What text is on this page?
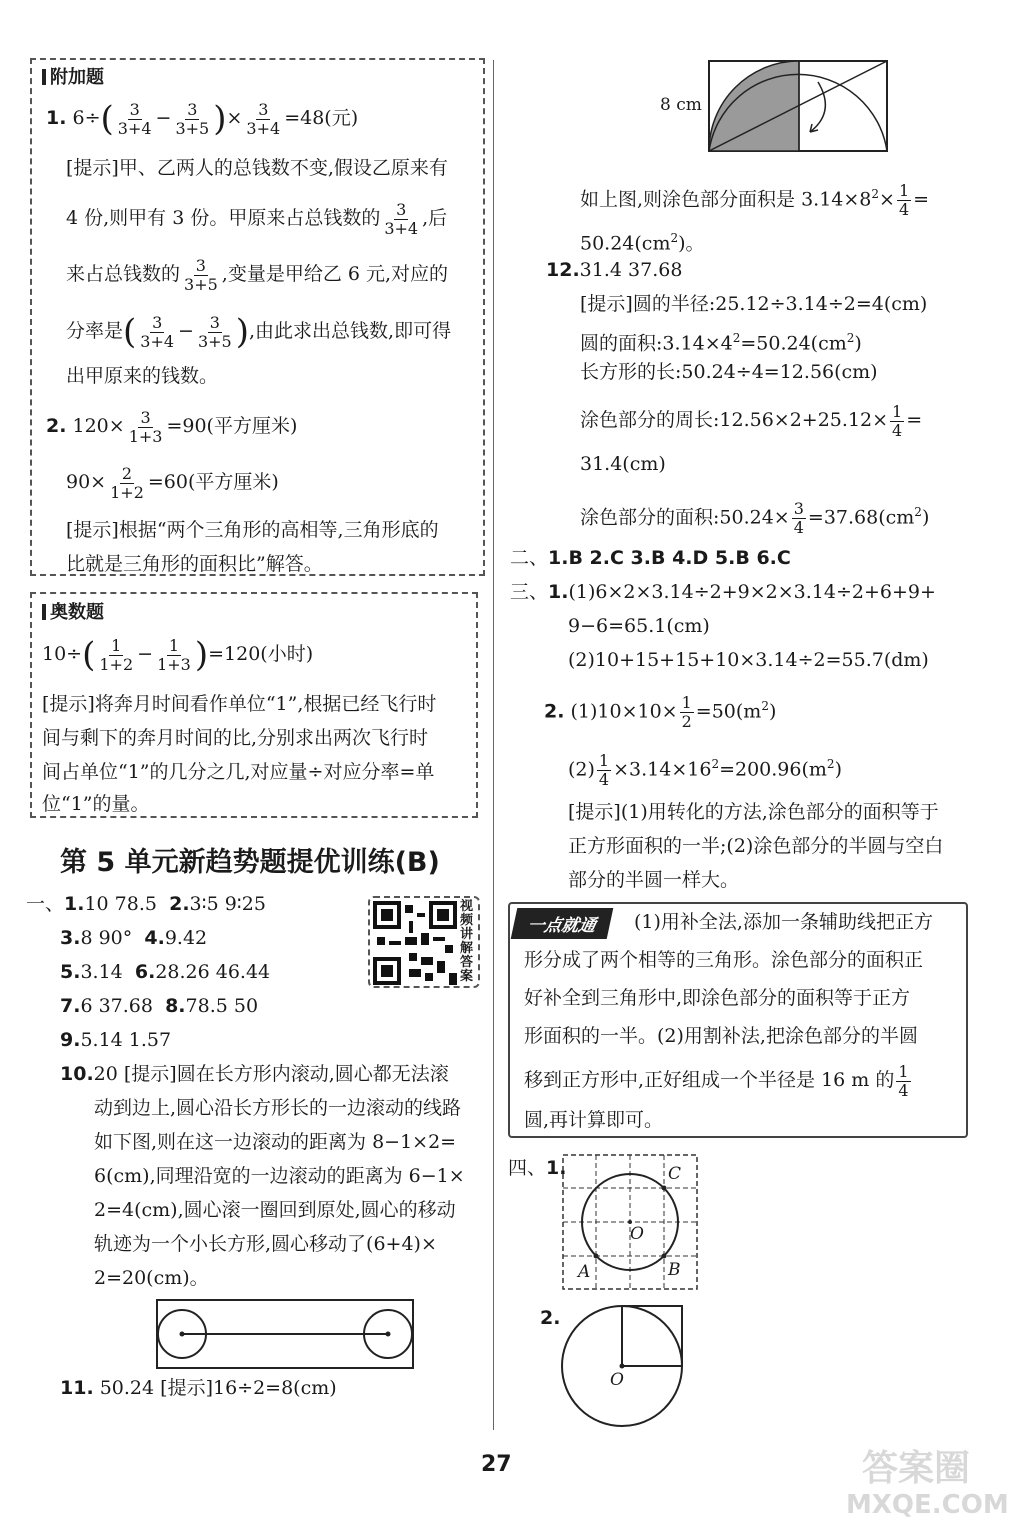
附加题
1. $6\div( \frac{3}{3+4} - \frac{3}{3+5}$ )× $\frac{3}{3+4} =48$(元)
[提示]甲、乙两人的总钱数不变,假设乙原来有
4 份,则甲有 3 份。甲原来占总钱数的 $\frac{3}{3+4}$ ,后
来占总钱数的 $\frac{3}{3+5}$ ,变量是甲给乙 6 元,对应的
分率是( $\frac{3}{3+4} - \frac{3}{3+5}$ ),由此求出总钱数,即可得
出甲原来的钱数。
2. $120\times \frac{3}{1+3} =90$(平方厘米)
$90\times \frac{2}{1+2} =60$(平方厘米)
[提示]根据“两个三角形的高相等,三角形底的
比就是三角形的面积比”解答。
奥数题
$10\div( \frac{1}{1+2} - \frac{1}{1+3} )=120$(小时)
[提示]将奔月时间看作单位“1”,根据已经飞行时
间与剩下的奔月时间的比,分别求出两次飞行时
间占单位“1”的几分之几,对应量÷对应分率=单
位“1”的量。
第 5 单元新趋势题提优训练(B)
一、1.10 78.5 2.3∶5 9∶25
3.8 90° 4.9.42
5.3.14 6.28.26 46.44
7.6 37.68 8.78.5 50
9.5.14 1.57
视频讲解答案
10.20 [提示]圆在长方形内滚动,圆心都无法滚
动到边上,圆心沿长方形长的一边滚动的线路
如下图,则在这一边滚动的距离为 8−1×2=
6(cm),同理沿宽的一边滚动的距离为 6−1×
2=4(cm),圆心滚一圈回到原处,圆心的移动
轨迹为一个小长方形,圆心移动了(6+4)×
2=20(cm)。
11. 50.24 [提示]16÷2=8(cm)
8 cm
如上图,则涂色部分面积是 $3.14\times 8^2\times \frac{1}{4}$ =
$50.24(cm^2)$。
12.31.4 37.68
[提示]圆的半径:25.12÷3.14÷2=4(cm)
圆的面积$:3.14\times 4^2=50.24(cm^2)$
长方形的长:50.24÷4=12.56(cm)
涂色部分的周长:12.56×2+25.12× $\frac{1}{4}$ =
31.4(cm)
涂色部分的面积:50.24× $\frac{3}{4} =37.68(cm^2)$
二、1.B 2.C 3.B 4.D 5.B 6.C
三、1.(1)6×2×3.14÷2+9×2×3.14÷2+6+9+
9−6=65.1(cm)
(2)10+15+15+10×3.14÷2=55.7(dm)
2. $(1)10\times 10\times \frac{1}{2} =50(m^2)$
$(2) \frac{1}{4} \times 3.14\times 16^2=200.96(m^2)$
[提示](1)用转化的方法,涂色部分的面积等于
正方形面积的一半;(2)涂色部分的半圆与空白
部分的半圆一样大。
一点就通	(1)用补全法,添加一条辅助线把正方
形分成了两个相等的三角形。涂色部分的面积正
好补全到三角形中,即涂色部分的面积等于正方
形面积的一半。(2)用割补法,把涂色部分的半圆
移到正方形中,正好组成一个半径是 16 m 的 $\frac{1}{4}$
圆,再计算即可。
四、1.	C
O
A	B
2.
O
27	答案圈
MXQE.COM
